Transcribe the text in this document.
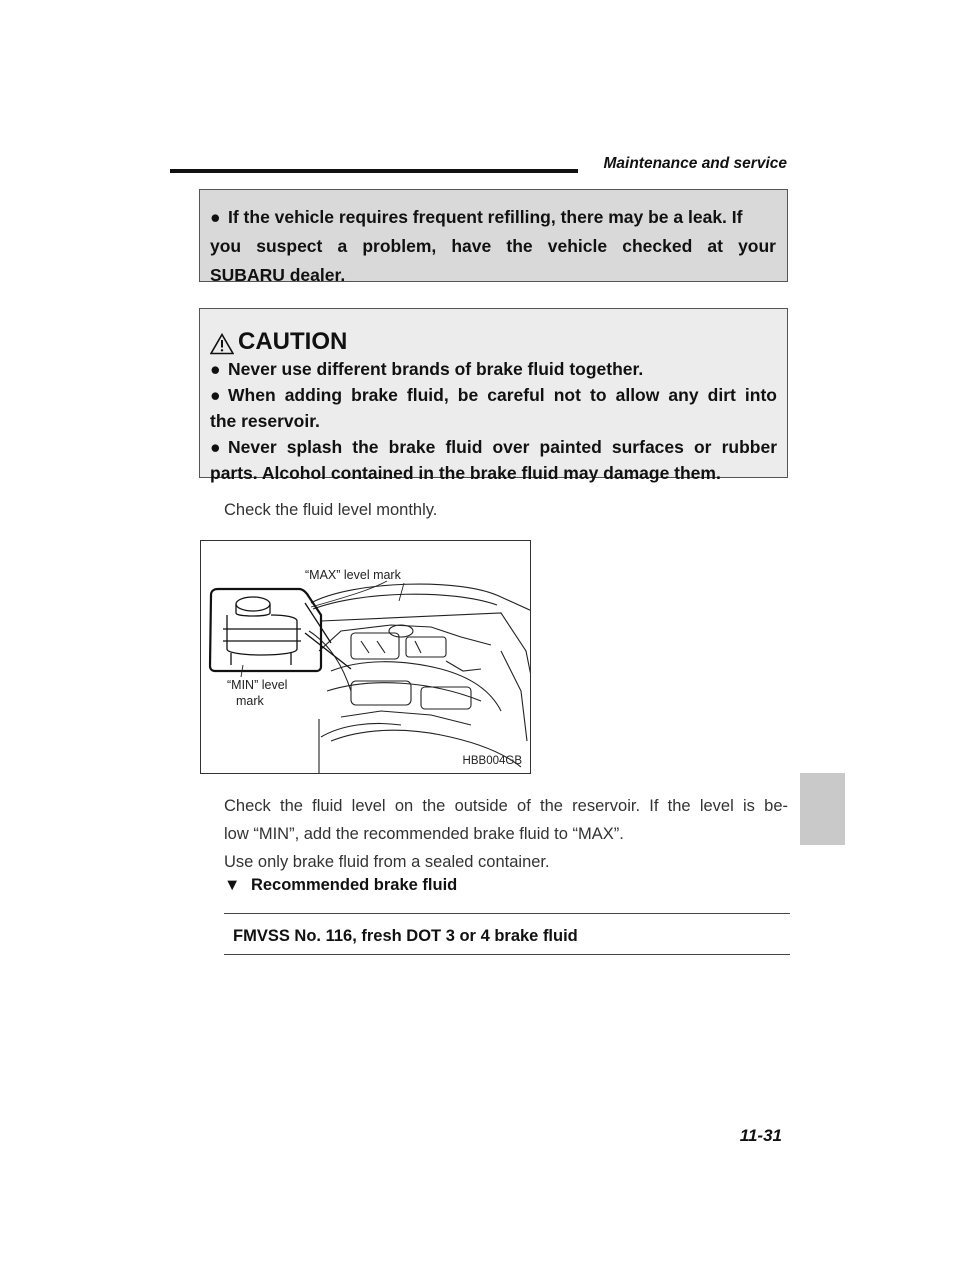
Maintenance and service
● If the vehicle requires frequent refilling, there may be a leak. If
you suspect a problem, have the vehicle checked at your
SUBARU dealer.
CAUTION
● Never use different brands of brake fluid together.
● When adding brake fluid, be careful not to allow any dirt into
the reservoir.
● Never splash the brake fluid over painted surfaces or rubber
parts. Alcohol contained in the brake fluid may damage them.
Check the fluid level monthly.
“MAX” level mark
“MIN” level
mark
HBB004GB
Check the fluid level on the outside of the reservoir. If the level is be-
low “MIN”, add the recommended brake fluid to “MAX”.
Use only brake fluid from a sealed container.
▼ Recommended brake fluid
FMVSS No. 116, fresh DOT 3 or 4 brake fluid
11-31
